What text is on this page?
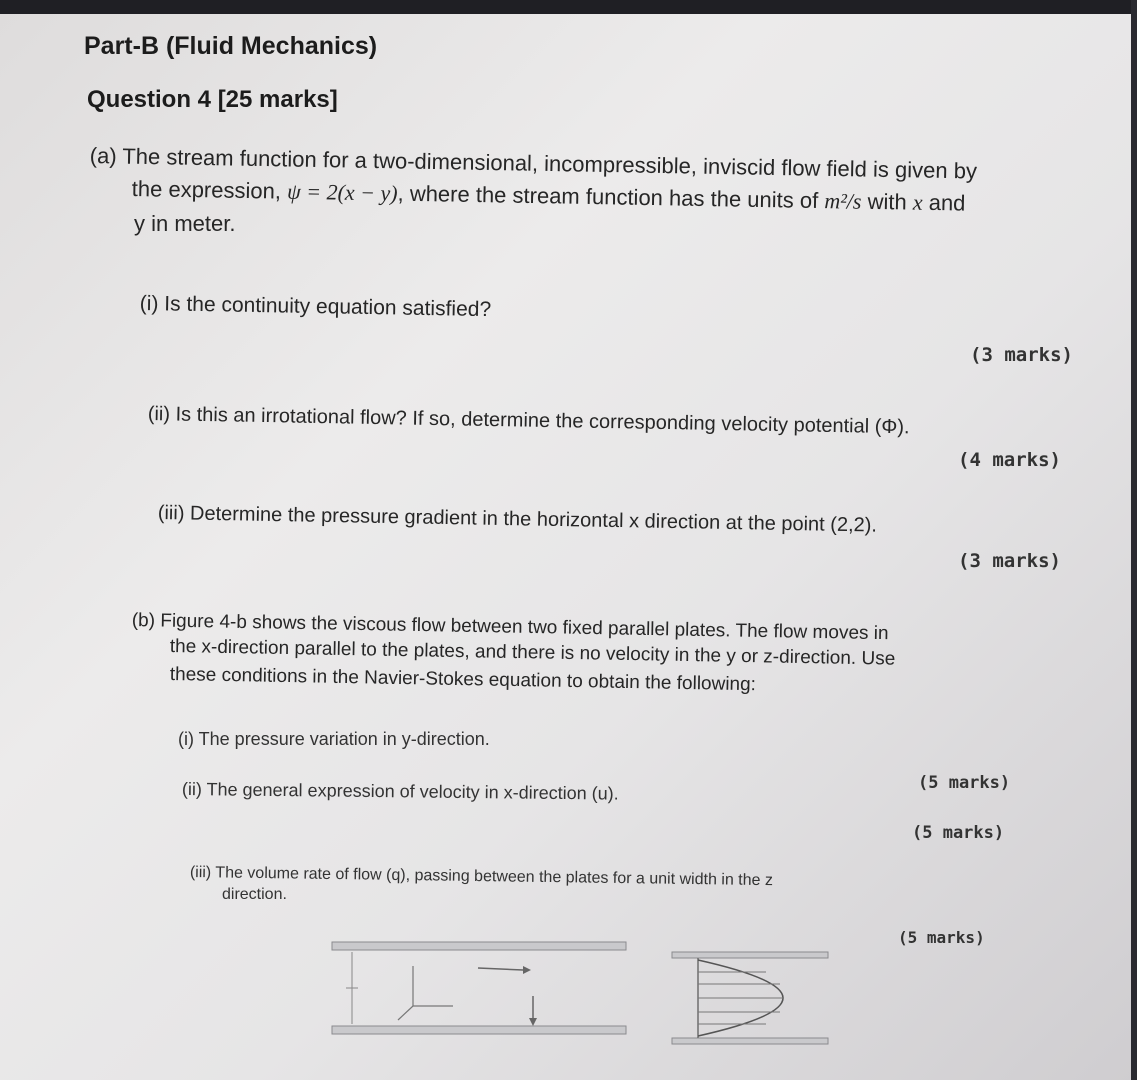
Part-B (Fluid Mechanics)
Question 4 [25 marks]
(a) The stream function for a two-dimensional, incompressible, inviscid flow field is given by
the expression, ψ = 2(x − y), where the stream function has the units of m²/s with x and
y in meter.
(i) Is the continuity equation satisfied?
(3 marks)
(ii) Is this an irrotational flow? If so, determine the corresponding velocity potential (Φ).
(4 marks)
(iii) Determine the pressure gradient in the horizontal x direction at the point (2,2).
(3 marks)
(b) Figure 4-b shows the viscous flow between two fixed parallel plates. The flow moves in
the x-direction parallel to the plates, and there is no velocity in the y or z-direction. Use
these conditions in the Navier-Stokes equation to obtain the following:
(i) The pressure variation in y-direction.
(5 marks)
(ii) The general expression of velocity in x-direction (u).
(5 marks)
(iii) The volume rate of flow (q), passing between the plates for a unit width in the z
direction.
(5 marks)
